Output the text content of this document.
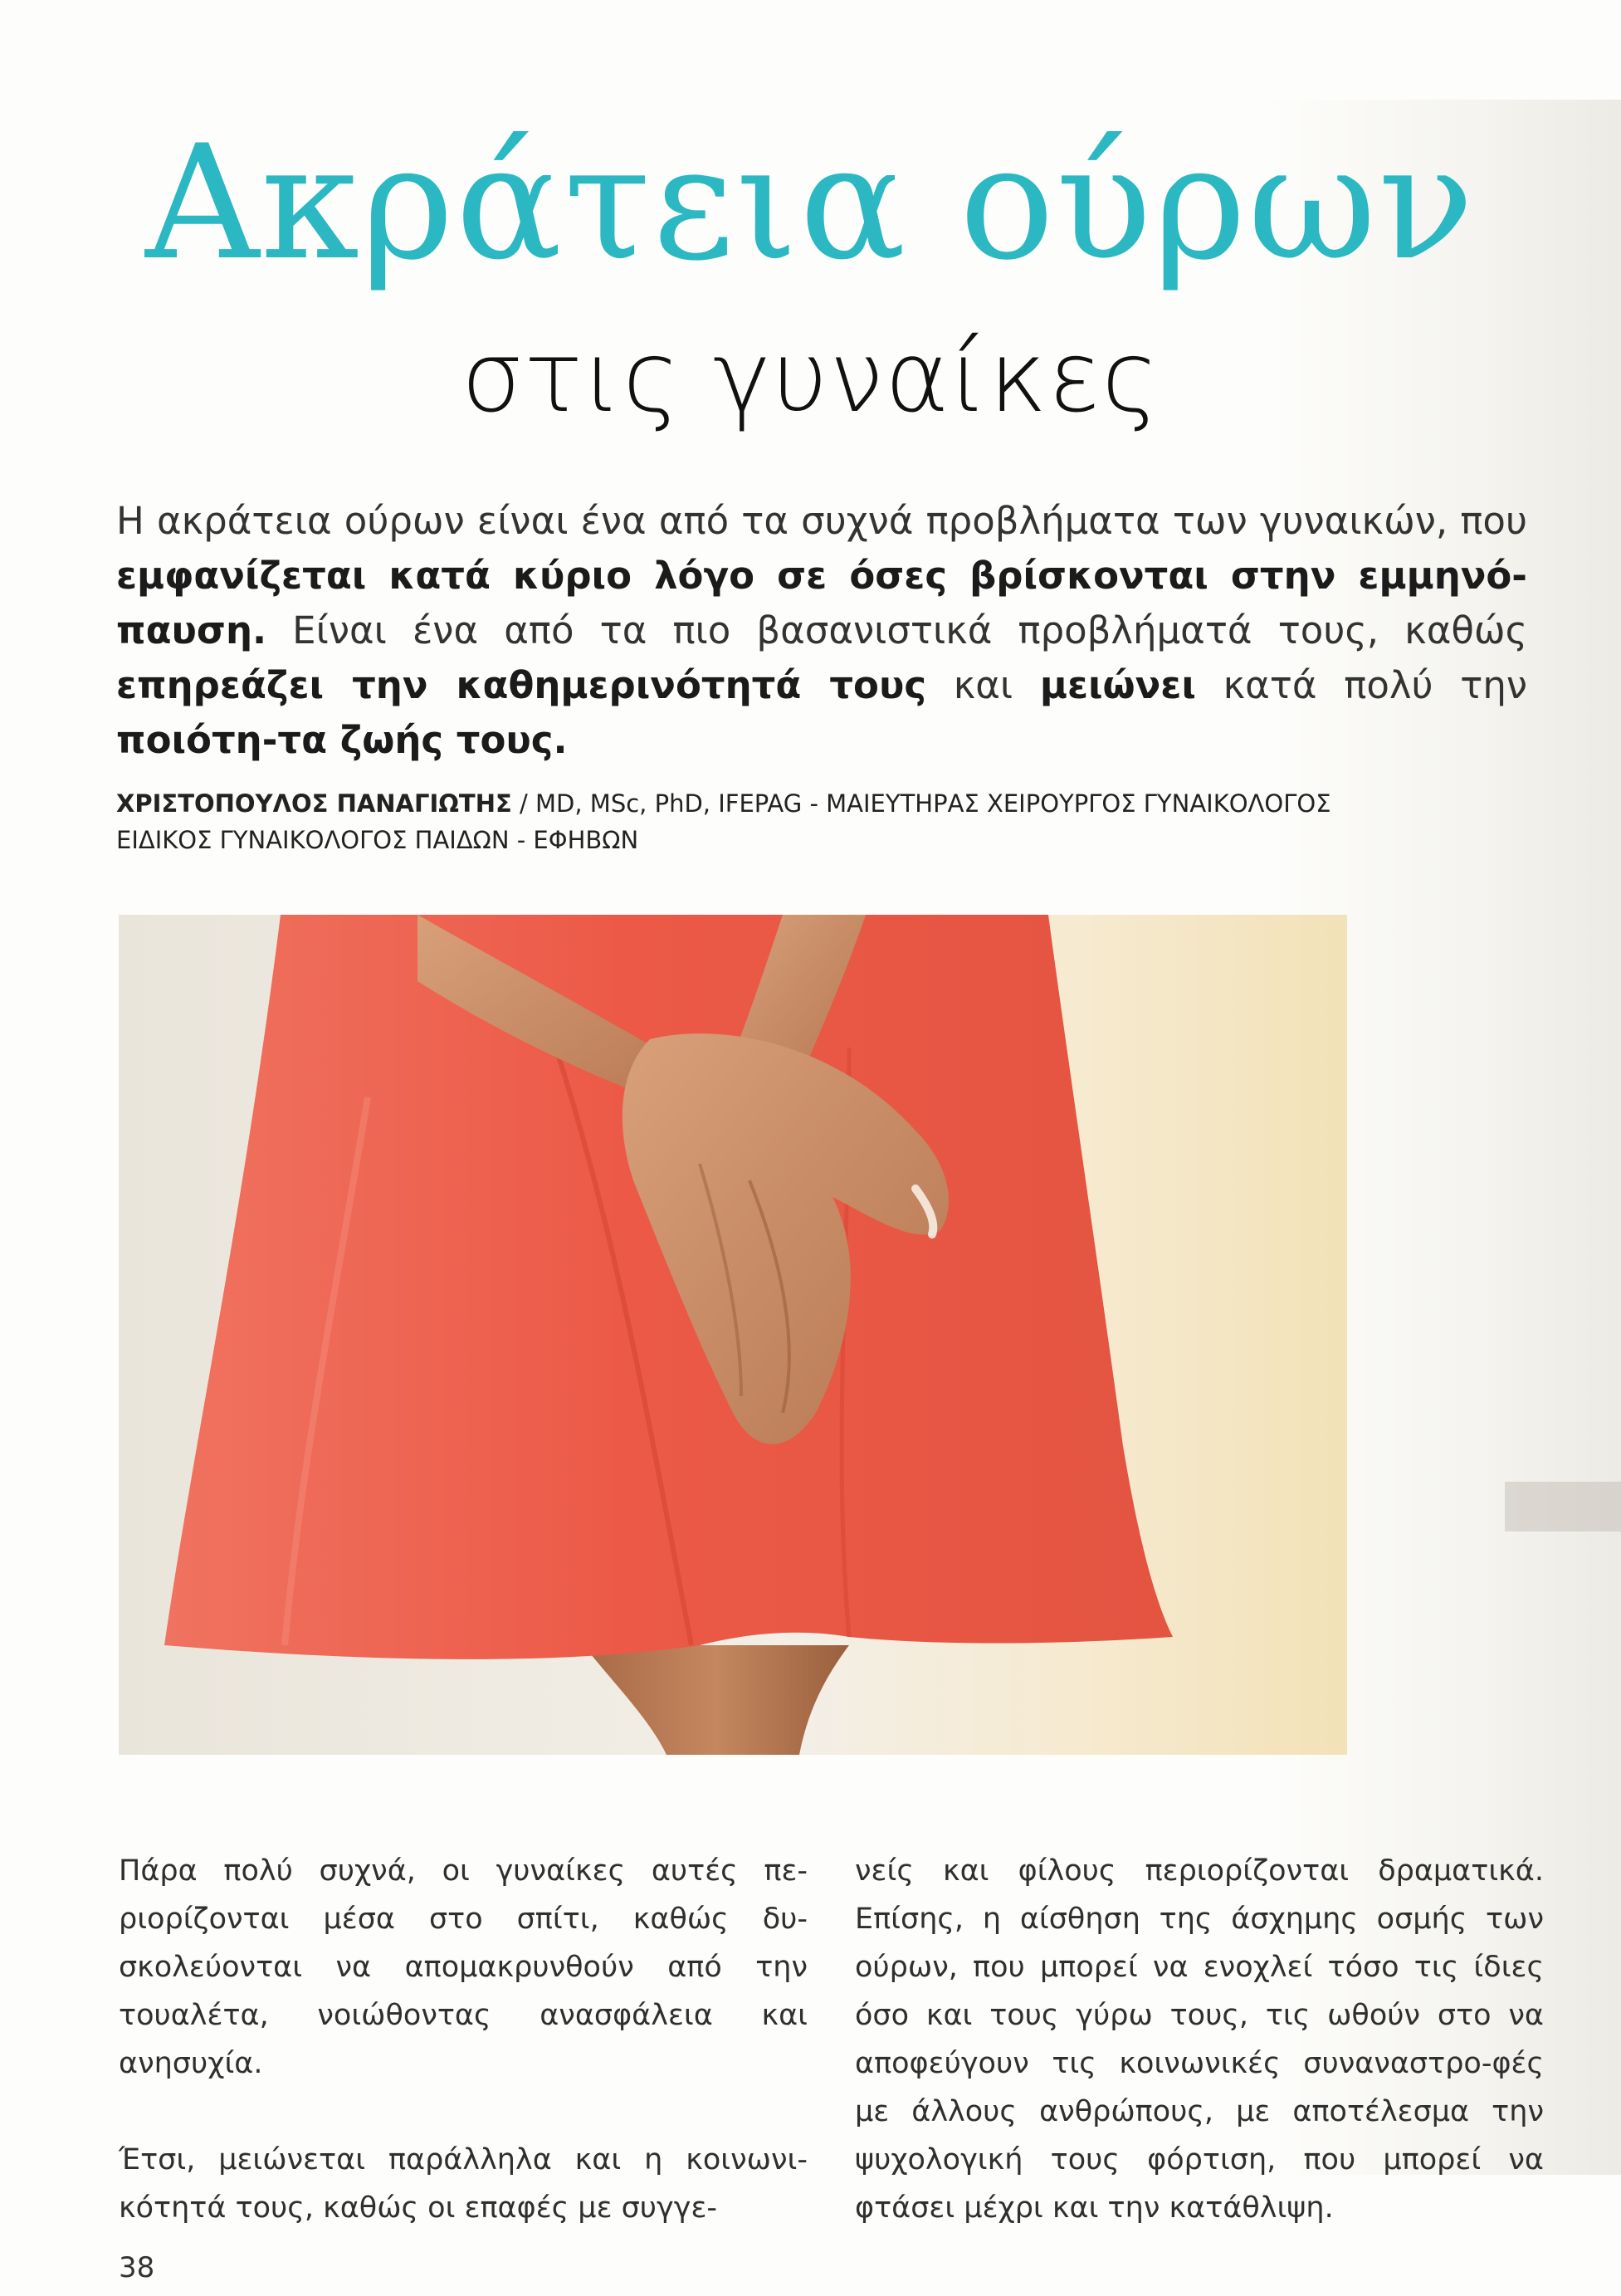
Ακράτεια ούρων
στις γυναίκες

Η ακράτεια ούρων είναι ένα από τα συχνά προβλήματα των γυναικών, που εμφανίζεται κατά κύριο λόγο σε όσες βρίσκονται στην εμμηνό-παυση. Είναι ένα από τα πιο βασανιστικά προβλήματά τους, καθώς επηρεάζει την καθημερινότητά τους και μειώνει κατά πολύ την ποιότη-τα ζωής τους.

ΧΡΙΣΤΟΠΟΥΛΟΣ ΠΑΝΑΓΙΩΤΗΣ / MD, MSc, PhD, IFEPAG - ΜΑΙΕΥΤΗΡΑΣ ΧΕΙΡΟΥΡΓΟΣ ΓΥΝΑΙΚΟΛΟΓΟΣ
ΕΙΔΙΚΟΣ ΓΥΝΑΙΚΟΛΟΓΟΣ ΠΑΙΔΩΝ - ΕΦΗΒΩΝ

Πάρα πολύ συχνά, οι γυναίκες αυτές πε-ριορίζονται μέσα στο σπίτι, καθώς δυ-σκολεύονται να απομακρυνθούν από την τουαλέτα, νοιώθοντας ανασφάλεια και ανησυχία.

Έτσι, μειώνεται παράλληλα και η κοινωνι-κότητά τους, καθώς οι επαφές με συγγε-

νείς και φίλους περιορίζονται δραματικά. Επίσης, η αίσθηση της άσχημης οσμής των ούρων, που μπορεί να ενοχλεί τόσο τις ίδιες όσο και τους γύρω τους, τις ωθούν στο να αποφεύγουν τις κοινωνικές συναναστρο-φές με άλλους ανθρώπους, με αποτέλεσμα την ψυχολογική τους φόρτιση, που μπορεί να φτάσει μέχρι και την κατάθλιψη.

38
